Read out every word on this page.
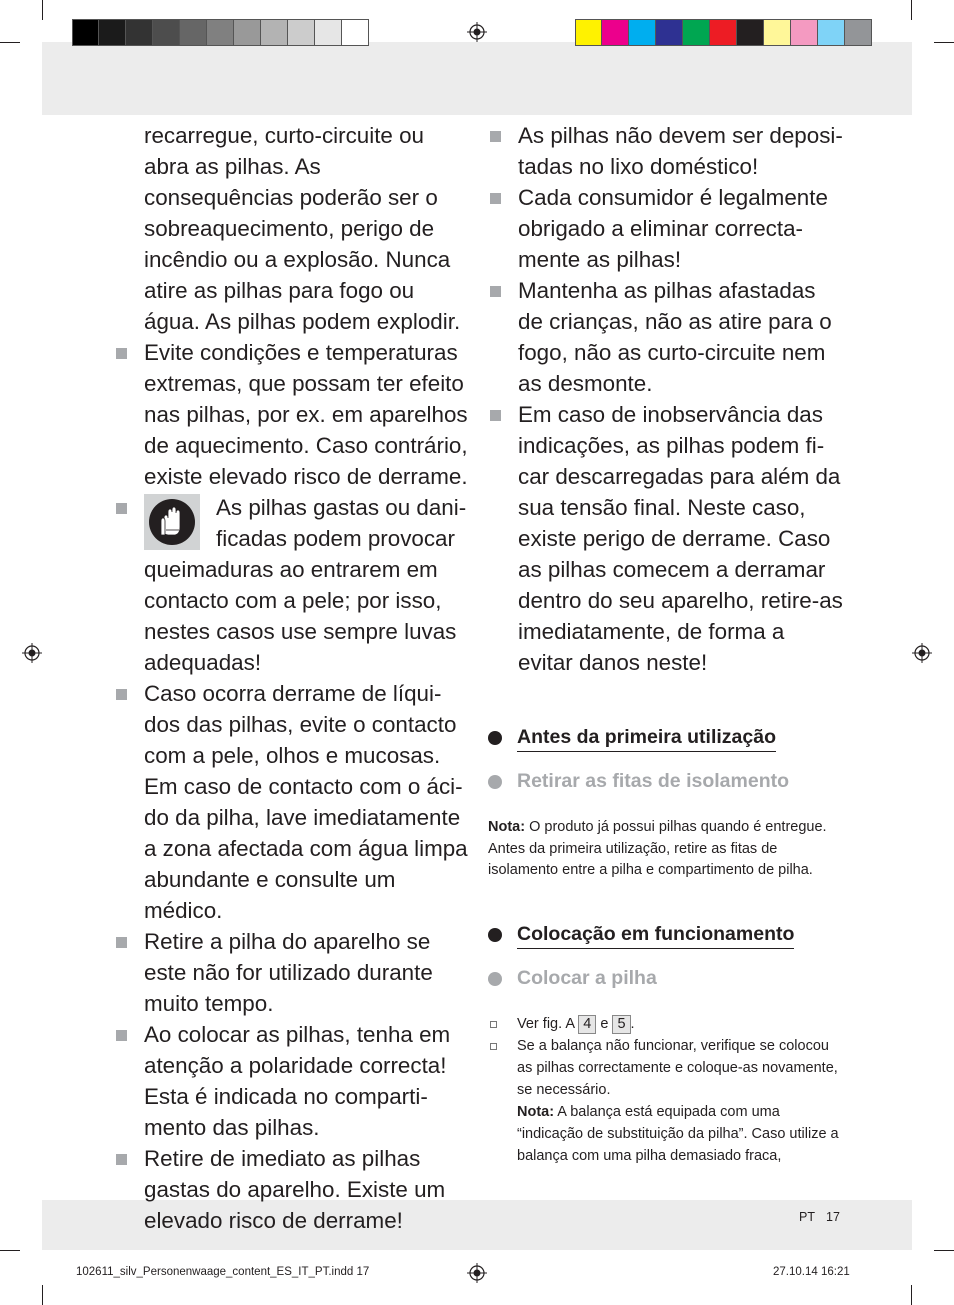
recarregue, curto-circuite ou abra as pilhas. As consequências poderão ser o sobreaquecimento, perigo de incêndio ou a explosão. Nunca atire as pilhas para fogo ou água. As pilhas podem explodir.

Evite condições e temperaturas extremas, que possam ter efeito nas pilhas, por ex. em aparelhos de aquecimento. Caso contrário, existe elevado risco de derrame.

As pilhas gastas ou danificadas podem provocar queimaduras ao entrarem em contacto com a pele; por isso, nestes casos use sempre luvas adequadas!

Caso ocorra derrame de líquidos das pilhas, evite o contacto com a pele, olhos e mucosas. Em caso de contacto com o ácido da pilha, lave imediatamente a zona afectada com água limpa abundante e consulte um médico.

Retire a pilha do aparelho se este não for utilizado durante muito tempo.

Ao colocar as pilhas, tenha em atenção a polaridade correcta! Esta é indicada no compartimento das pilhas.

Retire de imediato as pilhas gastas do aparelho. Existe um elevado risco de derrame!

As pilhas não devem ser depositadas no lixo doméstico!

Cada consumidor é legalmente obrigado a eliminar correctamente as pilhas!

Mantenha as pilhas afastadas de crianças, não as atire para o fogo, não as curto-circuite nem as desmonte.

Em caso de inobservância das indicações, as pilhas podem ficar descarregadas para além da sua tensão final. Neste caso, existe perigo de derrame. Caso as pilhas comecem a derramar dentro do seu aparelho, retire-as imediatamente, de forma a evitar danos neste!

Antes da primeira utilização
Retirar as fitas de isolamento
Nota: O produto já possui pilhas quando é entregue. Antes da primeira utilização, retire as fitas de isolamento entre a pilha e compartimento de pilha.
Colocação em funcionamento
Colocar a pilha
Ver fig. A 4 e 5 .
Se a balança não funcionar, verifique se colocou as pilhas correctamente e coloque-as novamente, se necessário.
Nota: A balança está equipada com uma “indicação de substituição da pilha”. Caso utilize a balança com uma pilha demasiado fraca,
PT 17
102611_silv_Personenwaage_content_ES_IT_PT.indd 17	27.10.14 16:21
